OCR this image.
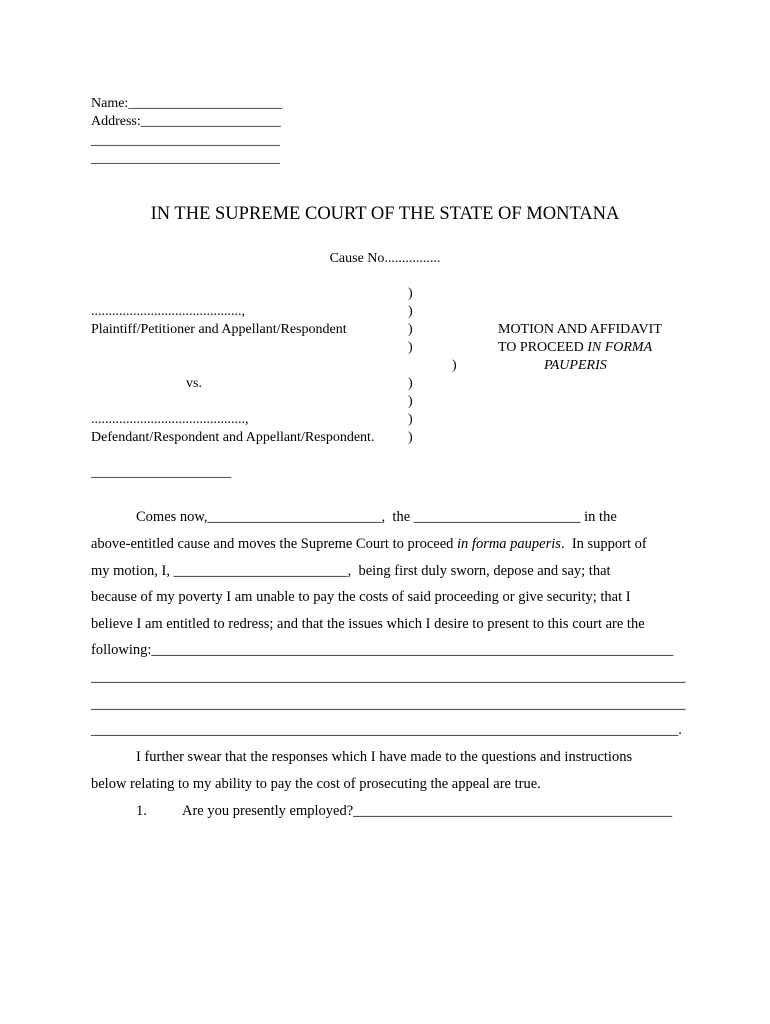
Name:______________________
Address:____________________
___________________________
___________________________
IN THE SUPREME COURT OF THE STATE OF MONTANA
Cause No................
...........................................,
Plaintiff/Petitioner and Appellant/Respondent
vs.
............................................,
Defendant/Respondent and Appellant/Respondent.
)
)
)
)
)
)
)
)
)
MOTION AND AFFIDAVIT
TO PROCEED IN FORMA
PAUPERIS
____________________
Comes now,________________________,  the _______________________ in the
above-entitled cause and moves the Supreme Court to proceed in forma pauperis.  In support of
my motion, I, ________________________,  being first duly sworn, depose and say; that
because of my poverty I am unable to pay the costs of said proceeding or give security; that I
believe I am entitled to redress; and that the issues which I desire to present to this court are the
following:________________________________________________________________________
__________________________________________________________________________________
__________________________________________________________________________________
_________________________________________________________________________________.
I further swear that the responses which I have made to the questions and instructions
below relating to my ability to pay the cost of prosecuting the appeal are true.
1. Are you presently employed?____________________________________________
